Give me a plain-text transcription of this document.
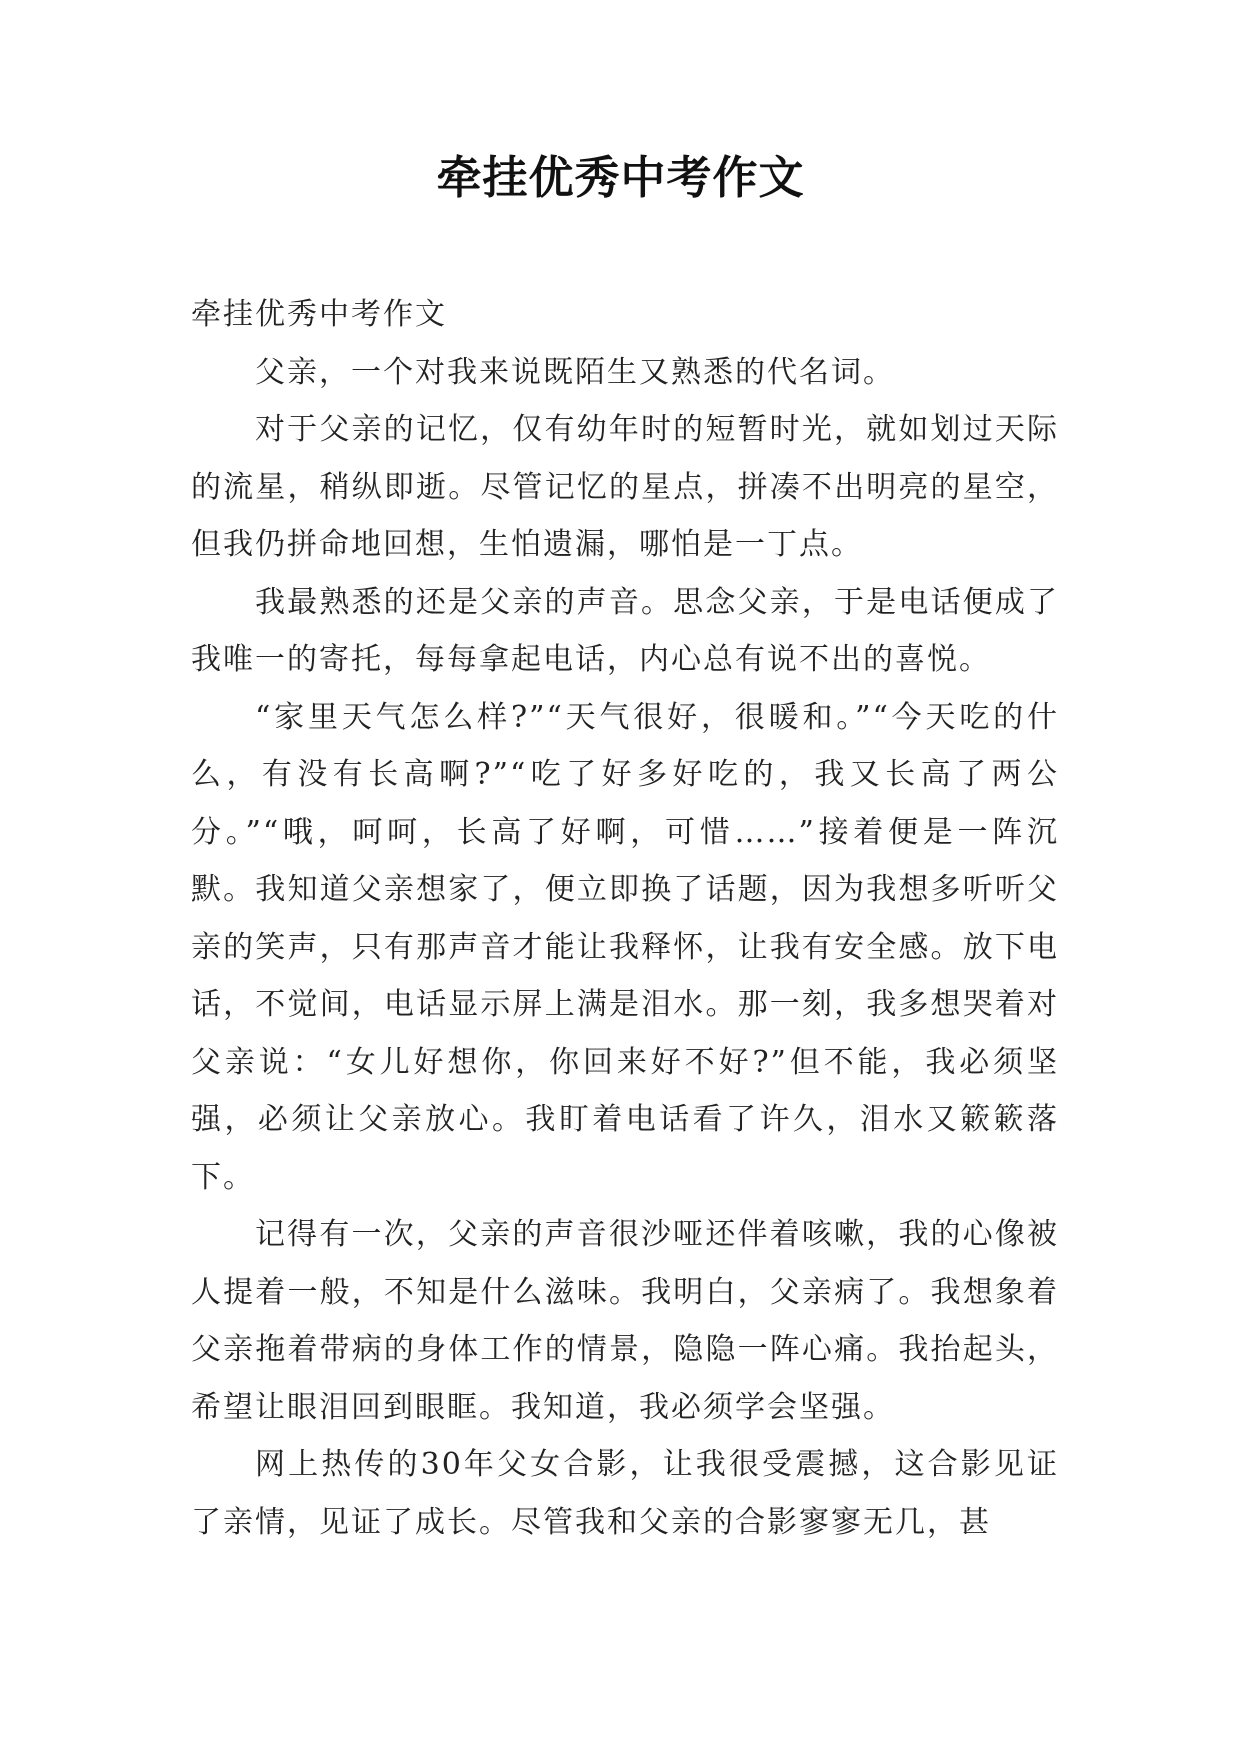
牵挂优秀中考作文

牵挂优秀中考作文

父亲，一个对我来说既陌生又熟悉的代名词。

对于父亲的记忆，仅有幼年时的短暂时光，就如划过天际的流星，稍纵即逝。尽管记忆的星点，拼凑不出明亮的星空，但我仍拼命地回想，生怕遗漏，哪怕是一丁点。

我最熟悉的还是父亲的声音。思念父亲，于是电话便成了我唯一的寄托，每每拿起电话，内心总有说不出的喜悦。

“家里天气怎么样?”“天气很好，很暖和。”“今天吃的什么，有没有长高啊?”“吃了好多好吃的，我又长高了两公分。”“哦，呵呵，长高了好啊，可惜……”接着便是一阵沉默。我知道父亲想家了，便立即换了话题，因为我想多听听父亲的笑声，只有那声音才能让我释怀，让我有安全感。放下电话，不觉间，电话显示屏上满是泪水。那一刻，我多想哭着对父亲说：“女儿好想你，你回来好不好?”但不能，我必须坚强，必须让父亲放心。我盯着电话看了许久，泪水又簌簌落下。

记得有一次，父亲的声音很沙哑还伴着咳嗽，我的心像被人提着一般，不知是什么滋味。我明白，父亲病了。我想象着父亲拖着带病的身体工作的情景，隐隐一阵心痛。我抬起头，希望让眼泪回到眼眶。我知道，我必须学会坚强。

网上热传的30年父女合影，让我很受震撼，这合影见证了亲情，见证了成长。尽管我和父亲的合影寥寥无几，甚
